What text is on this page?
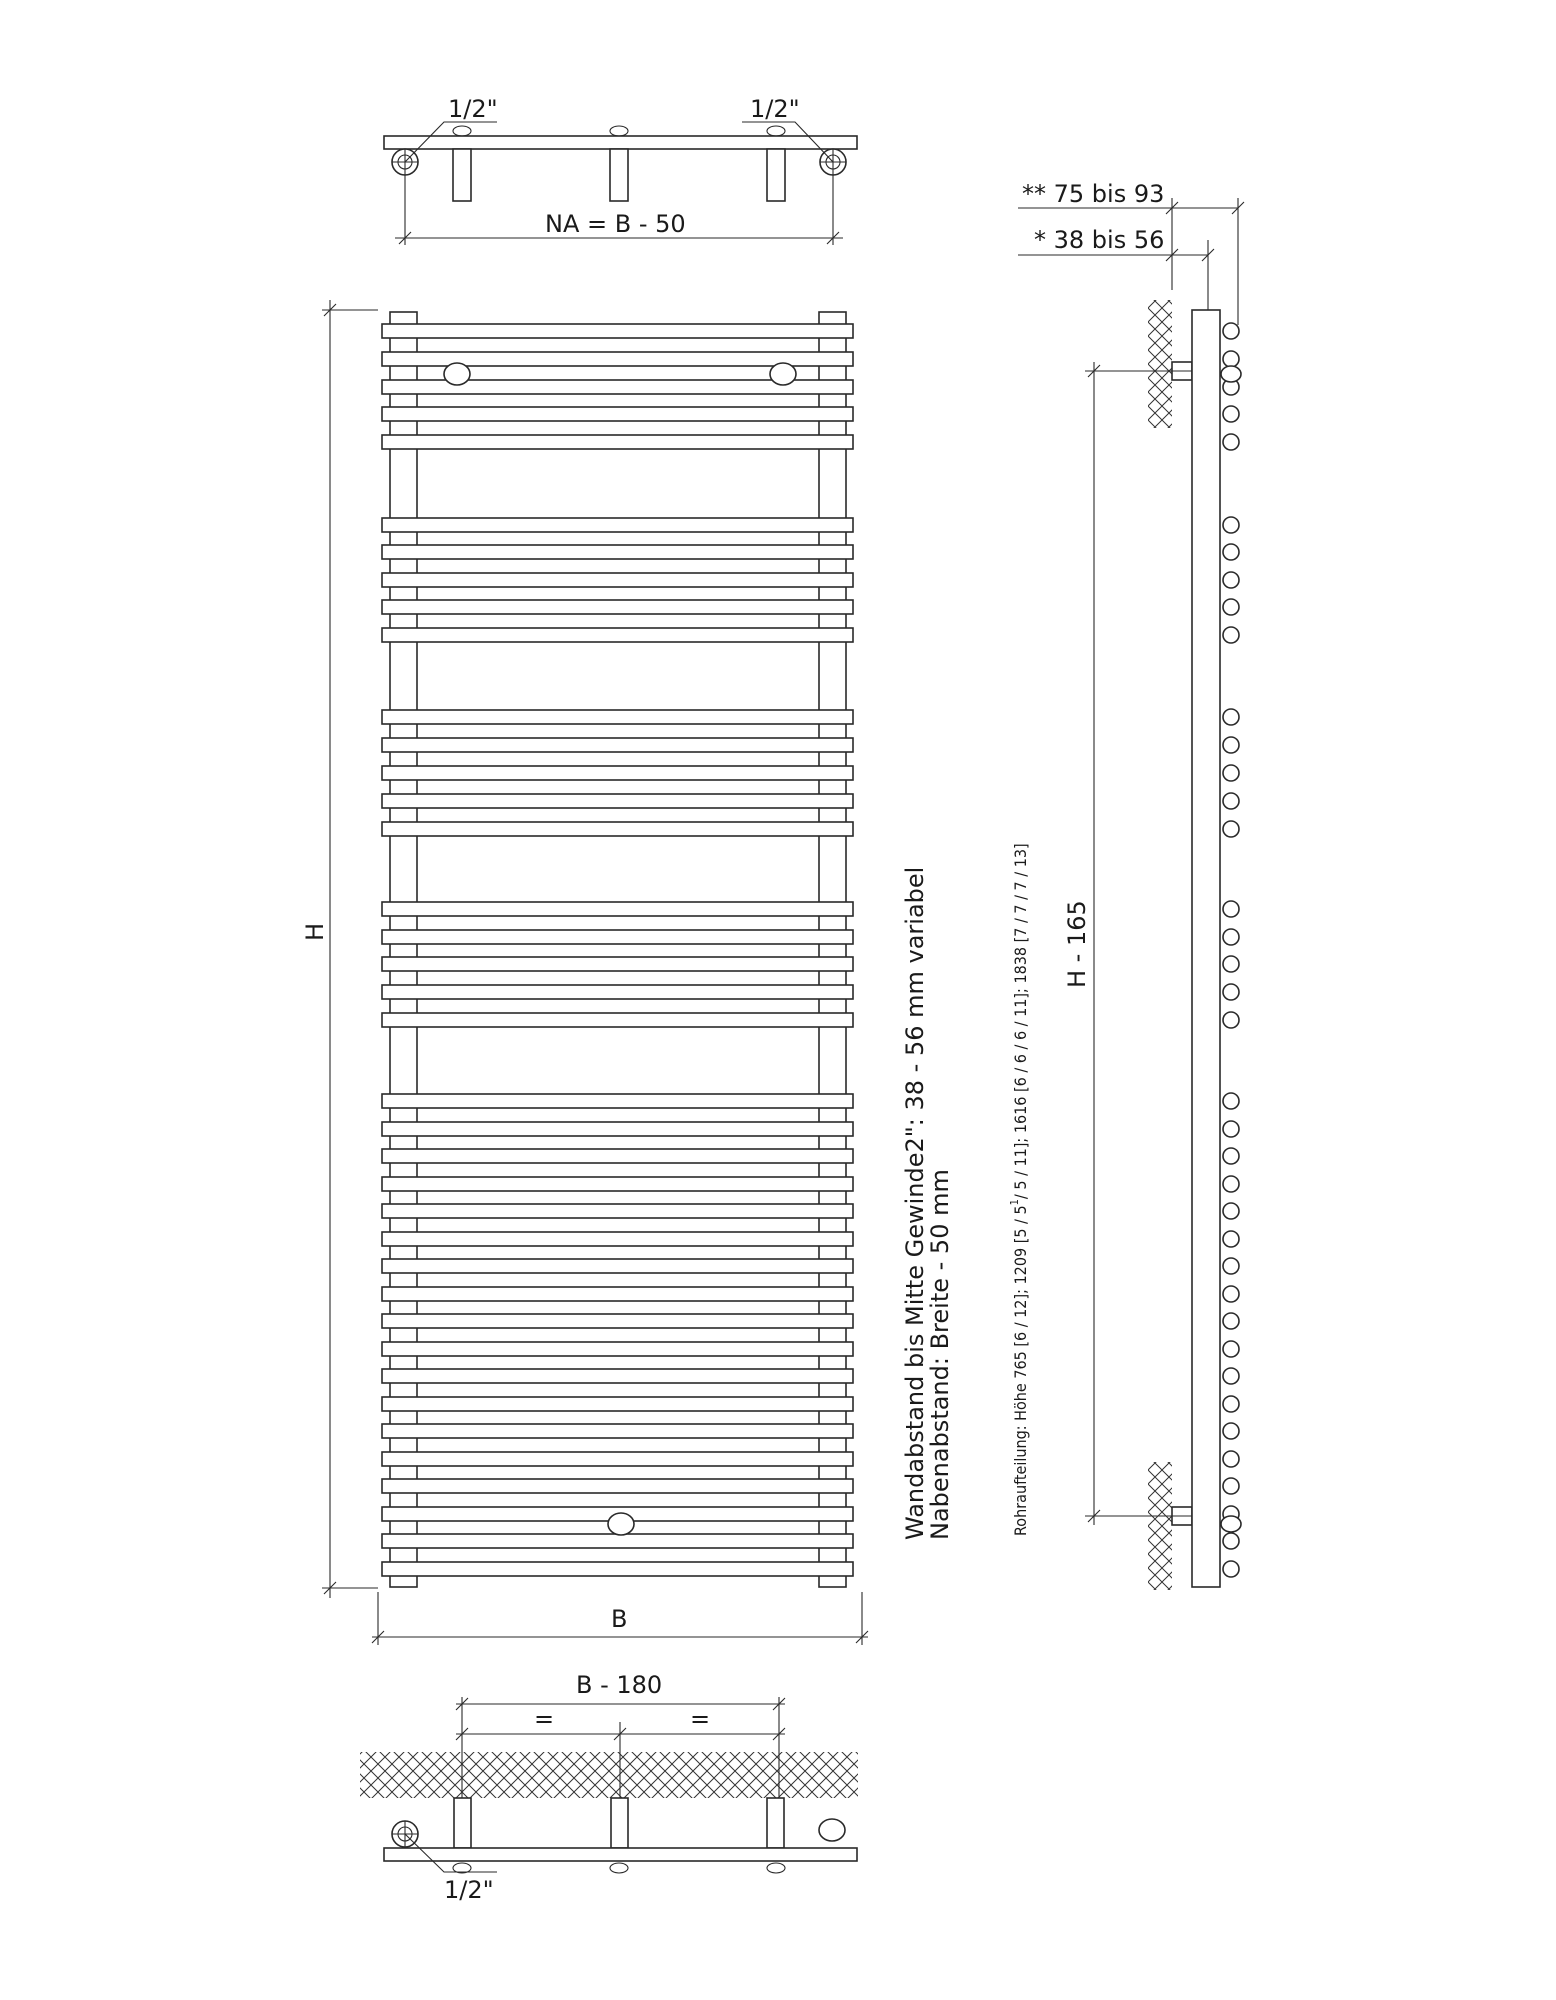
1/2"	1/2"
NA = B - 50
H
B
B - 180
=	=
1/2"
Wandabstand bis Mitte Gewinde2": 38 - 56 mm variabel
Nabenabstand: Breite - 50 mm	Rohraufteilung: Höhe 765 [6 / 12]; 1209 [$5 / 5^1/$ 5 / 11]; 1616 [6 / 6 / 6 / 11]; 1838 [7 / 7 / 7 / 13]
** 75 bis 93
* 38 bis 56
H - 165
